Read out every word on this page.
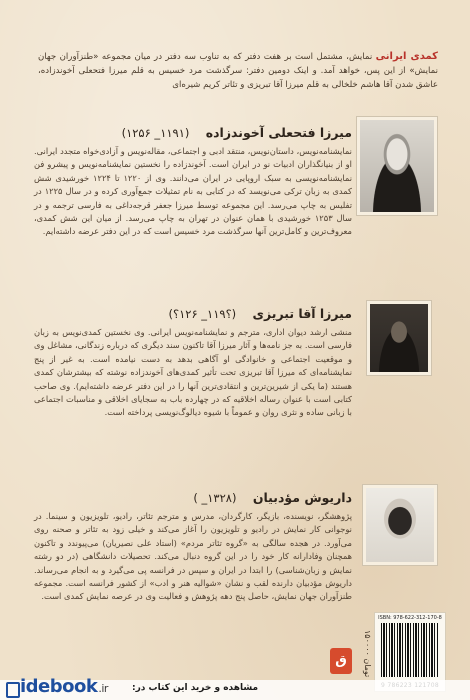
کمدی ایرانی نمایش، مشتمل است بر هفت دفتر که به تناوب سه دفتر در میان مجموعه «طنزآوران جهان نمایش» از این پس، خواهد آمد. و اینک دومین دفتر: سرگذشت مرد خسیس به قلم میرزا فتحعلی آخوندزاده، عاشق شدن آقا هاشم خلخالی به قلم میرزا آقا تبریزی و تئاتر کریم شیره‌ای
میرزا فتحعلی آخوندزاده (۱۱۹۱_ ۱۲۵۶)
نمایشنامه‌نویس، داستان‌نویس، منتقد ادبی و اجتماعی، مقاله‌نویس و آزادی‌خواه متجدد ایرانی. او از بنیانگذاران ادبیات نو در ایران است. آخوندزاده را نخستین نمایشنامه‌نویس و پیشرو فن نمایشنامه‌نویسی به سبک اروپایی در ایران می‌دانند. وی از ۱۲۲۰ تا ۱۲۲۴ خورشیدی شش کمدی به زبان ترکی می‌نویسد که در کتابی به نام تمثیلات جمع‌آوری کرده و در سال ۱۲۲۵ در تفلیس به چاپ می‌رسد. این مجموعه توسط میرزا جعفر قرجه‌داغی به فارسی ترجمه و در سال ۱۲۵۳ خورشیدی با همان عنوان در تهران به چاپ می‌رسد. از میان این شش کمدی، معروف‌ترین و کامل‌ترین آنها سرگذشت مرد خسیس است که در این دفتر عرضه داشته‌ایم.
میرزا آقا تبریزی (؟۱۱۹_ ۱۲۶؟)
منشی ارشد دیوان اداری، مترجم و نمایشنامه‌نویس ایرانی. وی نخستین کمدی‌نویس به زبان فارسی است. به جز نامه‌ها و آثار میرزا آقا تاکنون سند دیگری که درباره زندگانی، مشاغل وی و موقعیت اجتماعی و خانوادگی او آگاهی بدهد به دست نیامده است. به غیر از پنج نمایشنامه‌ای که میرزا آقا تبریزی تحت تأثیر کمدی‌های آخوندزاده نوشته که بیشترشان کمدی هستند (ما یکی از شیرین‌ترین و انتقادی‌ترین آنها را در این دفتر عرضه داشته‌ایم). وی صاحب کتابی است با عنوان رساله اخلاقیه که در چهارده باب به سجایای اخلاقی و مناسبات اجتماعی با زبانی ساده و نثری روان و عموماً با شیوه دیالوگ‌نویسی پرداخته است.
داریوش مؤدبیان (۱۳۲۸_ )
پژوهشگر، نویسنده، بازیگر، کارگردان، مدرس و مترجم تئاتر، رادیو، تلویزیون و سینما. در نوجوانی کار نمایش در رادیو و تلویزیون را آغاز می‌کند و خیلی زود به تئاتر و صحنه روی می‌آورد. در هجده سالگی به «گروه تئاتر مردم» (استاد علی نصیریان) می‌پیوندد و تاکنون همچنان وفادارانه کار خود را در این گروه دنبال می‌کند. تحصیلات دانشگاهی (در دو رشته نمایش و زبان‌شناسی) را ابتدا در ایران و سپس در فرانسه پی می‌گیرد و به انجام می‌رساند. داریوش مؤدبیان دارنده لقب و نشان «شوالیه هنر و ادب» از کشور فرانسه است. مجموعه طنزآوران جهان نمایش، حاصل پنج دهه پژوهش و فعالیت وی در عرصه نمایش کمدی است.
ق
۱۵۰۰۰۰ تومان
ISBN: 978-622-312-170-8
idebook.ir	مشاهده و خرید این کتاب در:
